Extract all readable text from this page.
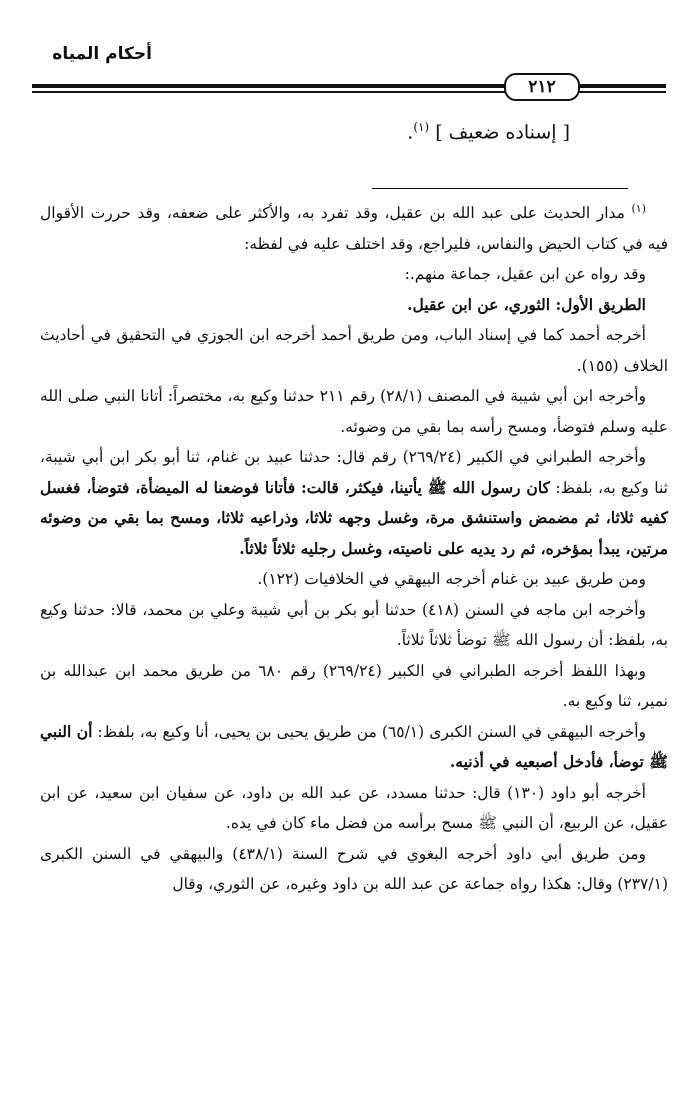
أحكام المياه
٢١٢
[ إسناده ضعيف ] $^{(١)}$.

$^{(١)}$ مدار الحديث على عبد الله بن عقيل، وقد تفرد به، والأكثر على ضعفه، وقد حررت الأقوال فيه في كتاب الحيض والنفاس، فليراجع، وقد اختلف عليه في لفظه:

وقد رواه عن ابن عقيل، جماعة منهم.:

الطريق الأول: الثوري، عن ابن عقيل.

أخرجه أحمد كما في إسناد الباب، ومن طريق أحمد أخرجه ابن الجوزي في التحقيق في أحاديث الخلاف (١٥٥).

وأخرجه ابن أبي شيبة في المصنف (٢٨/١) رقم ٢١١ حدثنا وكيع به، مختصراً: أتانا النبي صلى الله عليه وسلم فتوضأ، ومسح رأسه بما بقي من وضوئه.

وأخرجه الطبراني في الكبير (٢٦٩/٢٤) رقم قال: حدثنا عبيد بن غنام، ثنا أبو بكر ابن أبي شيبة، ثنا وكيع به، بلفظ: كان رسول الله ﷺ يأتينا، فيكثر، قالت: فأتانا فوضعنا له الميضأة، فتوضأ، فغسل كفيه ثلاثا، ثم مضمض واستنشق مرة، وغسل وجهه ثلاثا، وذراعيه ثلاثا، ومسح بما بقي من وضوئه مرتين، يبدأ بمؤخره، ثم رد يديه على ناصيته، وغسل رجليه ثلاثاً ثلاثاً.

ومن طريق عبيد بن غنام أخرجه البيهقي في الخلافيات (١٢٢).

وأخرجه ابن ماجه في السنن (٤١٨) حدثنا أبو بكر بن أبي شيبة وعلي بن محمد، قالا: حدثنا وكيع به، بلفظ: أن رسول الله ﷺ توضأ ثلاثاً ثلاثاً.

وبهذا اللفظ أخرجه الطبراني في الكبير (٢٦٩/٢٤) رقم ٦٨٠ من طريق محمد ابن عبدالله بن نمير، ثنا وكيع به.

وأخرجه البيهقي في السنن الكبرى (٦٥/١) من طريق يحيى بن يحيى، أنا وكيع به، بلفظ: أن النبي ﷺ توضأ، فأدخل أصبعيه في أذنيه.

أخرجه أبو داود (١٣٠) قال: حدثنا مسدد، عن عبد الله بن داود، عن سفيان ابن سعيد، عن ابن عقيل، عن الربيع، أن النبي ﷺ مسح برأسه من فضل ماء كان في يده.

ومن طريق أبي داود أخرجه البغوي في شرح السنة (٤٣٨/١) والبيهقي في السنن الكبرى (٢٣٧/١) وقال: هكذا رواه جماعة عن عبد الله بن داود وغيره، عن الثوري، وقال
